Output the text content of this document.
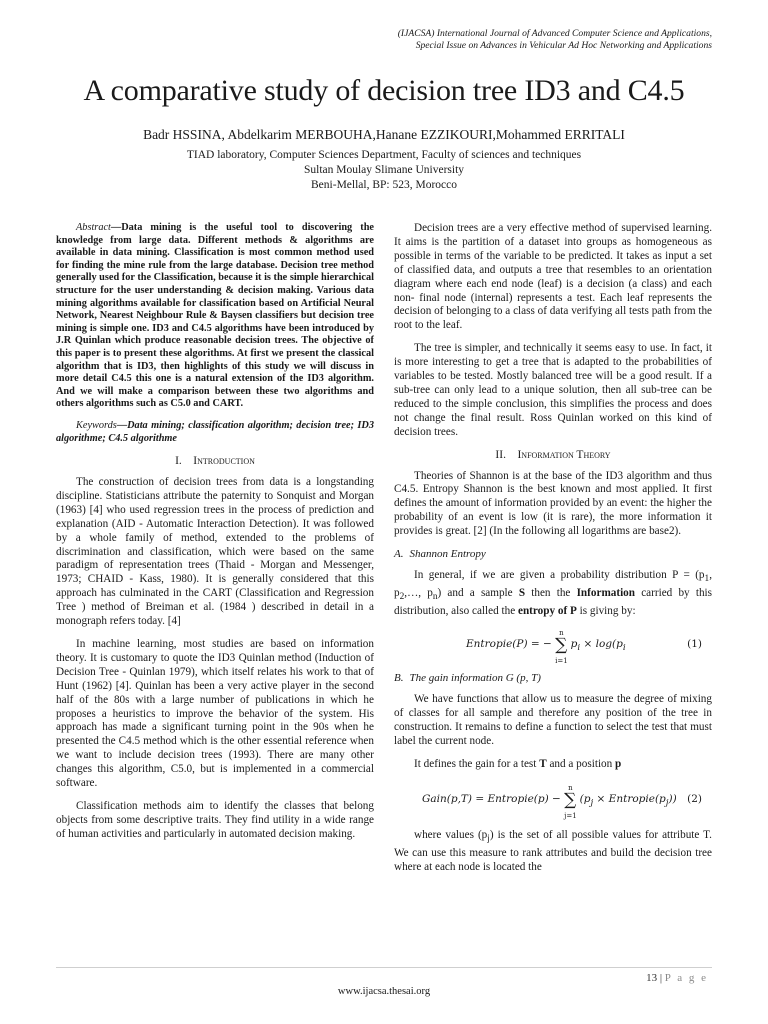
(IJACSA) International Journal of Advanced Computer Science and Applications,
Special Issue on Advances in Vehicular Ad Hoc Networking and Applications
A comparative study of decision tree ID3 and C4.5
Badr HSSINA, Abdelkarim MERBOUHA,Hanane EZZIKOURI,Mohammed ERRITALI
TIAD laboratory, Computer Sciences Department, Faculty of sciences and techniques
Sultan Moulay Slimane University
Beni-Mellal, BP: 523, Morocco
Abstract—Data mining is the useful tool to discovering the knowledge from large data. Different methods & algorithms are available in data mining. Classification is most common method used for finding the mine rule from the large database. Decision tree method generally used for the Classification, because it is the simple hierarchical structure for the user understanding & decision making. Various data mining algorithms available for classification based on Artificial Neural Network, Nearest Neighbour Rule & Baysen classifiers but decision tree mining is simple one. ID3 and C4.5 algorithms have been introduced by J.R Quinlan which produce reasonable decision trees. The objective of this paper is to present these algorithms. At first we present the classical algorithm that is ID3, then highlights of this study we will discuss in more detail C4.5 this one is a natural extension of the ID3 algorithm. And we will make a comparison between these two algorithms and others algorithms such as C5.0 and CART.
Keywords—Data mining; classification algorithm; decision tree; ID3 algorithme; C4.5 algorithme
I. Introduction

The construction of decision trees from data is a longstanding discipline. Statisticians attribute the paternity to Sonquist and Morgan (1963) [4] who used regression trees in the process of prediction and explanation (AID - Automatic Interaction Detection). It was followed by a whole family of method, extended to the problems of discrimination and classification, which were based on the same paradigm of representation trees (Thaid - Morgan and Messenger, 1973; CHAID - Kass, 1980). It is generally considered that this approach has culminated in the CART (Classification and Regression Tree ) method of Breiman et al. (1984 ) described in detail in a monograph refers today. [4]

In machine learning, most studies are based on information theory. It is customary to quote the ID3 Quinlan method (Induction of Decision Tree - Quinlan 1979), which itself relates his work to that of Hunt (1962) [4]. Quinlan has been a very active player in the second half of the 80s with a large number of publications in which he proposes a heuristics to improve the behavior of the system. His approach has made a significant turning point in the 90s when he presented the C4.5 method which is the other essential reference when we want to include decision trees (1993). There are many other changes this algorithm, C5.0, but is implemented in a commercial software.

Classification methods aim to identify the classes that belong objects from some descriptive traits. They find utility in a wide range of human activities and particularly in automated decision making.

Decision trees are a very effective method of supervised learning. It aims is the partition of a dataset into groups as homogeneous as possible in terms of the variable to be predicted. It takes as input a set of classified data, and outputs a tree that resembles to an orientation diagram where each end node (leaf) is a decision (a class) and each non- final node (internal) represents a test. Each leaf represents the decision of belonging to a class of data verifying all tests path from the root to the leaf.

The tree is simpler, and technically it seems easy to use. In fact, it is more interesting to get a tree that is adapted to the probabilities of variables to be tested. Mostly balanced tree will be a good result. If a sub-tree can only lead to a unique solution, then all sub-tree can be reduced to the simple conclusion, this simplifies the process and does not change the final result. Ross Quinlan worked on this kind of decision trees.

II. Information Theory

Theories of Shannon is at the base of the ID3 algorithm and thus C4.5. Entropy Shannon is the best known and most applied. It first defines the amount of information provided by an event: the higher the probability of an event is low (it is rare), the more information it provides is great. [2] (In the following all logarithms are base2).

A. Shannon Entropy

In general, if we are given a probability distribution $P = (p_1$, $p_2,\dots$, $p_n$) and a sample S then the Information carried by this distribution, also called the entropy of P is giving by:

Entropie(P) = − ∑
n
i=1
$p_i \times \log(p_i$	(1)
B. The gain information G (p, T)

We have functions that allow us to measure the degree of mixing of classes for all sample and therefore any position of the tree in construction. It remains to define a function to select the test that must label the current node.

It defines the gain for a test T and a position p

Gain(p,T) = Entropie(p) − ∑
n
j=1
($p_j$ × $Entropie(p_j)$) (2)

where values $(p_j)$ is the set of all possible values for attribute T. We can use this measure to rank attributes and build the decision tree where at each node is located the

13 | P a g e
www.ijacsa.thesai.org
